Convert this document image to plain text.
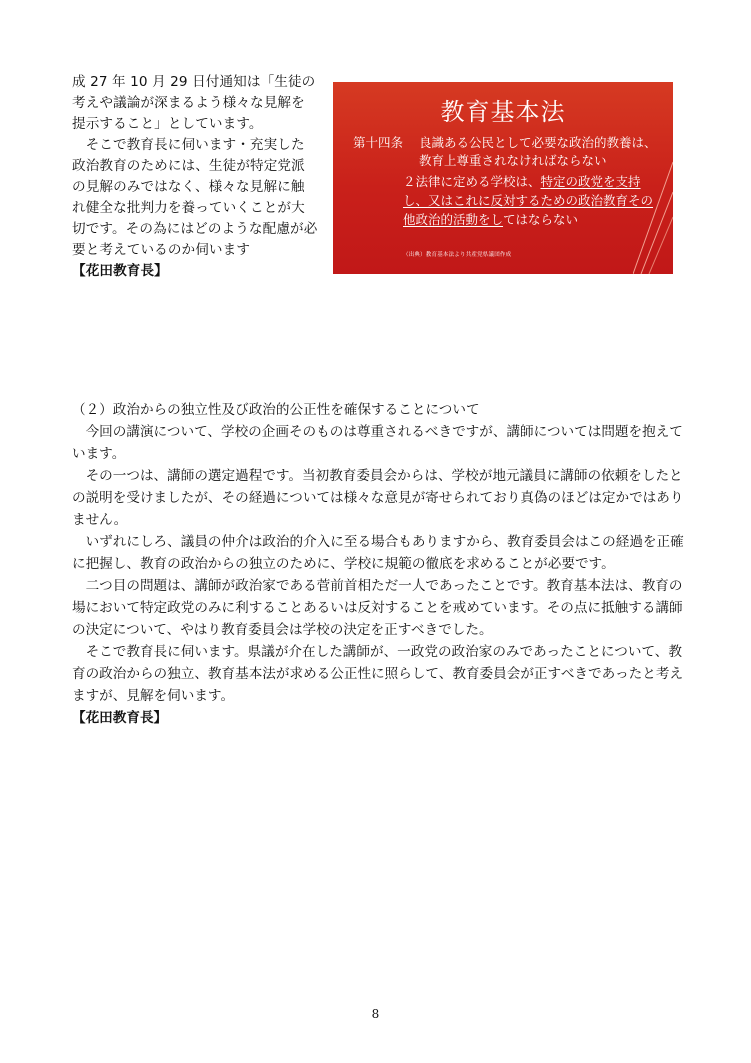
成 27 年 10 月 29 日付通知は「生徒の考えや議論が深まるよう様々な見解を提示すること」としています。

そこで教育長に伺います・充実した政治教育のためには、生徒が特定党派の見解のみではなく、様々な見解に触れ健全な批判力を養っていくことが大切です。その為にはどのような配慮が必要と考えているのか伺います

【花田教育長】

教育基本法
第十四条 良識ある公民として必要な政治的教養は、教育上尊重されなければならない
２法律に定める学校は、特定の政党を支持し、又はこれに反対するための政治教育その他政治的活動をしてはならない
（出典）教育基本法より共産党県議団作成

（２）政治からの独立性及び政治的公正性を確保することについて

今回の講演について、学校の企画そのものは尊重されるべきですが、講師については問題を抱えています。

その一つは、講師の選定過程です。当初教育委員会からは、学校が地元議員に講師の依頼をしたとの説明を受けましたが、その経過については様々な意見が寄せられており真偽のほどは定かではありません。

いずれにしろ、議員の仲介は政治的介入に至る場合もありますから、教育委員会はこの経過を正確に把握し、教育の政治からの独立のために、学校に規範の徹底を求めることが必要です。

二つ目の問題は、講師が政治家である菅前首相ただ一人であったことです。教育基本法は、教育の場において特定政党のみに利することあるいは反対することを戒めています。その点に抵触する講師の決定について、やはり教育委員会は学校の決定を正すべきでした。

そこで教育長に伺います。県議が介在した講師が、一政党の政治家のみであったことについて、教育の政治からの独立、教育基本法が求める公正性に照らして、教育委員会が正すべきであったと考えますが、見解を伺います。

【花田教育長】

8
